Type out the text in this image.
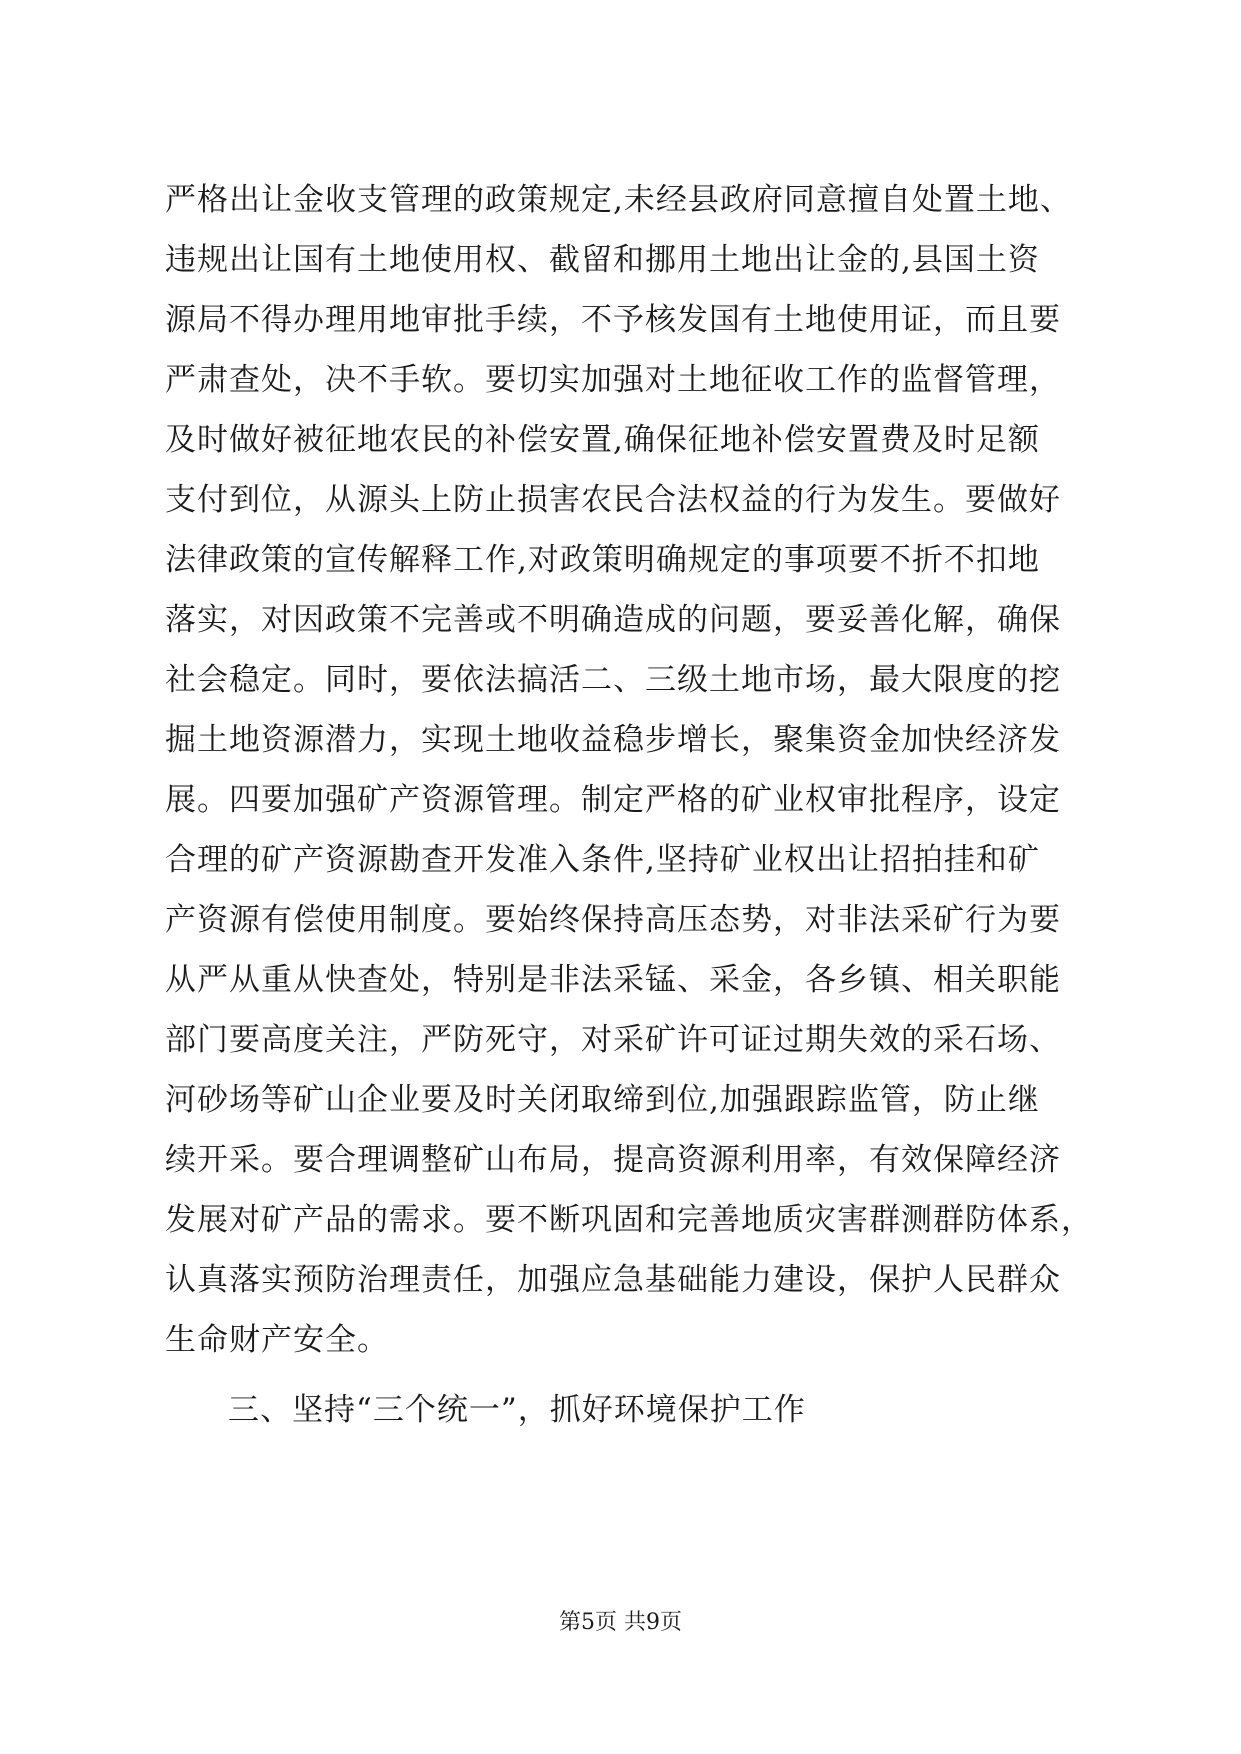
严格出让金收支管理的政策规定,未经县政府同意擅自处置土地、
违规出让国有土地使用权、截留和挪用土地出让金的,县国土资
源局不得办理用地审批手续，不予核发国有土地使用证，而且要
严肃查处，决不手软。要切实加强对土地征收工作的监督管理，
及时做好被征地农民的补偿安置,确保征地补偿安置费及时足额
支付到位，从源头上防止损害农民合法权益的行为发生。要做好
法律政策的宣传解释工作,对政策明确规定的事项要不折不扣地
落实，对因政策不完善或不明确造成的问题，要妥善化解，确保
社会稳定。同时，要依法搞活二、三级土地市场，最大限度的挖
掘土地资源潜力，实现土地收益稳步增长，聚集资金加快经济发
展。四要加强矿产资源管理。制定严格的矿业权审批程序，设定
合理的矿产资源勘查开发准入条件,坚持矿业权出让招拍挂和矿
产资源有偿使用制度。要始终保持高压态势，对非法采矿行为要
从严从重从快查处，特别是非法采锰、采金，各乡镇、相关职能
部门要高度关注，严防死守，对采矿许可证过期失效的采石场、
河砂场等矿山企业要及时关闭取缔到位,加强跟踪监管，防止继
续开采。要合理调整矿山布局，提高资源利用率，有效保障经济
发展对矿产品的需求。要不断巩固和完善地质灾害群测群防体系，
认真落实预防治理责任，加强应急基础能力建设，保护人民群众
生命财产安全。
三、坚持“三个统一”，抓好环境保护工作
第5页 共9页
